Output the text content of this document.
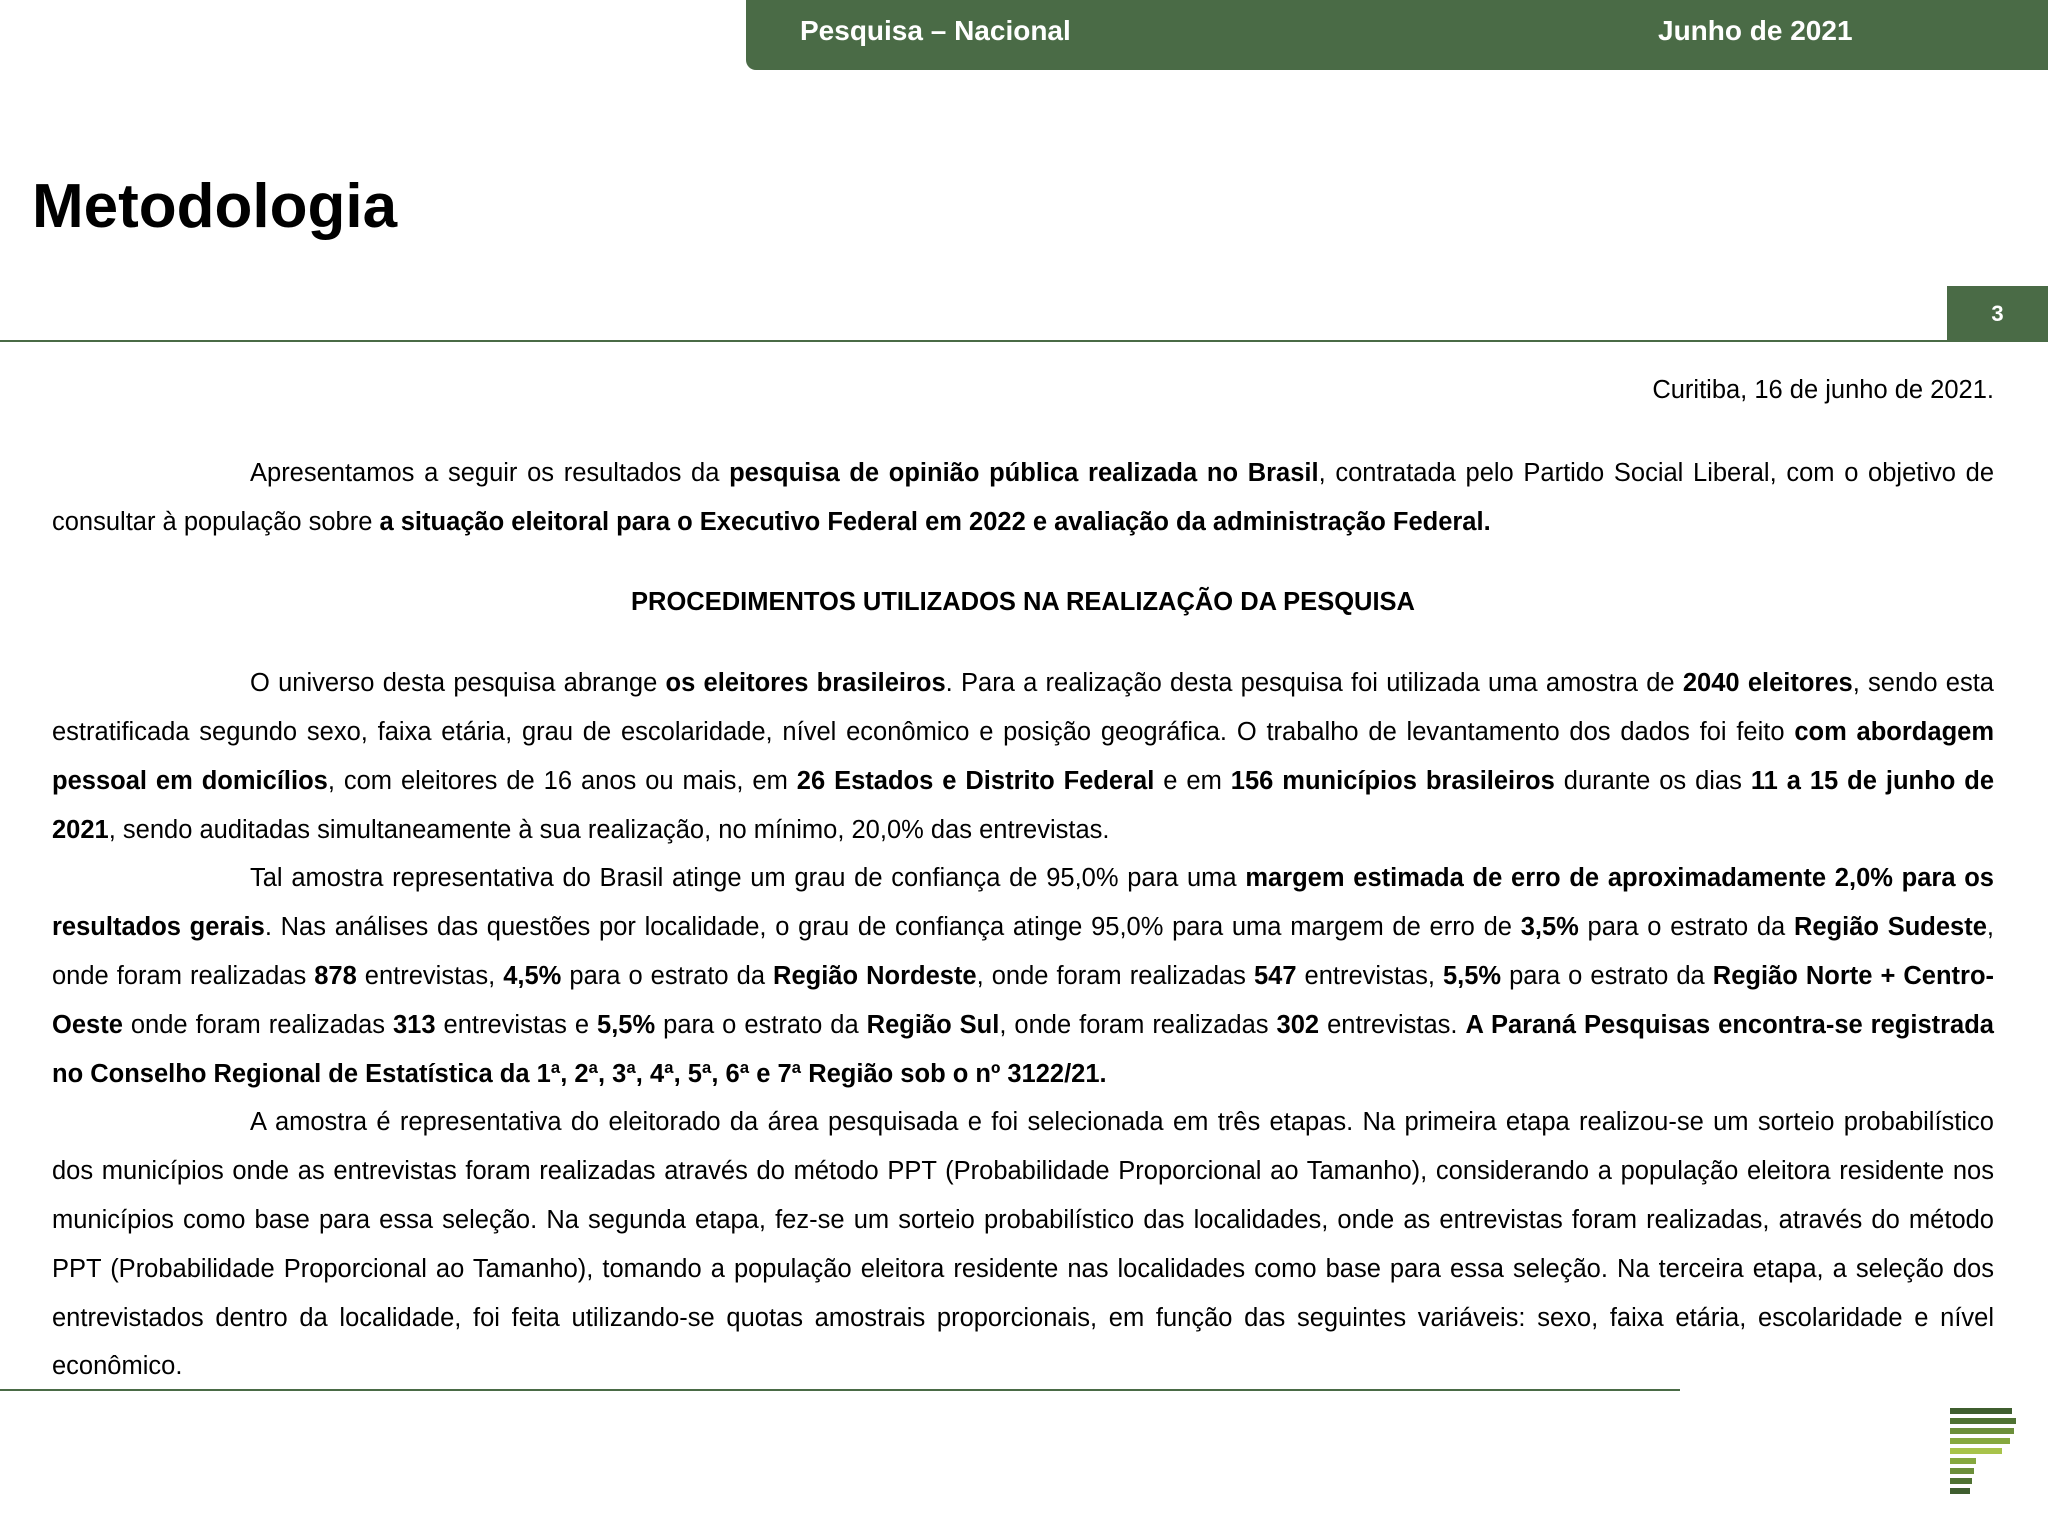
Pesquisa – Nacional	Junho de 2021
Metodologia
3

Curitiba, 16 de junho de 2021.

Apresentamos a seguir os resultados da pesquisa de opinião pública realizada no Brasil, contratada pelo Partido Social Liberal, com o objetivo de consultar à população sobre a situação eleitoral para o Executivo Federal em 2022 e avaliação da administração Federal.

PROCEDIMENTOS UTILIZADOS NA REALIZAÇÃO DA PESQUISA

O universo desta pesquisa abrange os eleitores brasileiros. Para a realização desta pesquisa foi utilizada uma amostra de 2040 eleitores, sendo esta estratificada segundo sexo, faixa etária, grau de escolaridade, nível econômico e posição geográfica. O trabalho de levantamento dos dados foi feito com abordagem pessoal em domicílios, com eleitores de 16 anos ou mais, em 26 Estados e Distrito Federal e em 156 municípios brasileiros durante os dias 11 a 15 de junho de 2021, sendo auditadas simultaneamente à sua realização, no mínimo, 20,0% das entrevistas.

Tal amostra representativa do Brasil atinge um grau de confiança de 95,0% para uma margem estimada de erro de aproximadamente 2,0% para os resultados gerais. Nas análises das questões por localidade, o grau de confiança atinge 95,0% para uma margem de erro de 3,5% para o estrato da Região Sudeste, onde foram realizadas 878 entrevistas, 4,5% para o estrato da Região Nordeste, onde foram realizadas 547 entrevistas, 5,5% para o estrato da Região Norte + Centro-Oeste onde foram realizadas 313 entrevistas e 5,5% para o estrato da Região Sul, onde foram realizadas 302 entrevistas. A Paraná Pesquisas encontra-se registrada no Conselho Regional de Estatística da 1ª, 2ª, 3ª, 4ª, 5ª, 6ª e 7ª Região sob o nº 3122/21.

A amostra é representativa do eleitorado da área pesquisada e foi selecionada em três etapas. Na primeira etapa realizou-se um sorteio probabilístico dos municípios onde as entrevistas foram realizadas através do método PPT (Probabilidade Proporcional ao Tamanho), considerando a população eleitora residente nos municípios como base para essa seleção. Na segunda etapa, fez-se um sorteio probabilístico das localidades, onde as entrevistas foram realizadas, através do método PPT (Probabilidade Proporcional ao Tamanho), tomando a população eleitora residente nas localidades como base para essa seleção. Na terceira etapa, a seleção dos entrevistados dentro da localidade, foi feita utilizando-se quotas amostrais proporcionais, em função das seguintes variáveis: sexo, faixa etária, escolaridade e nível econômico.
